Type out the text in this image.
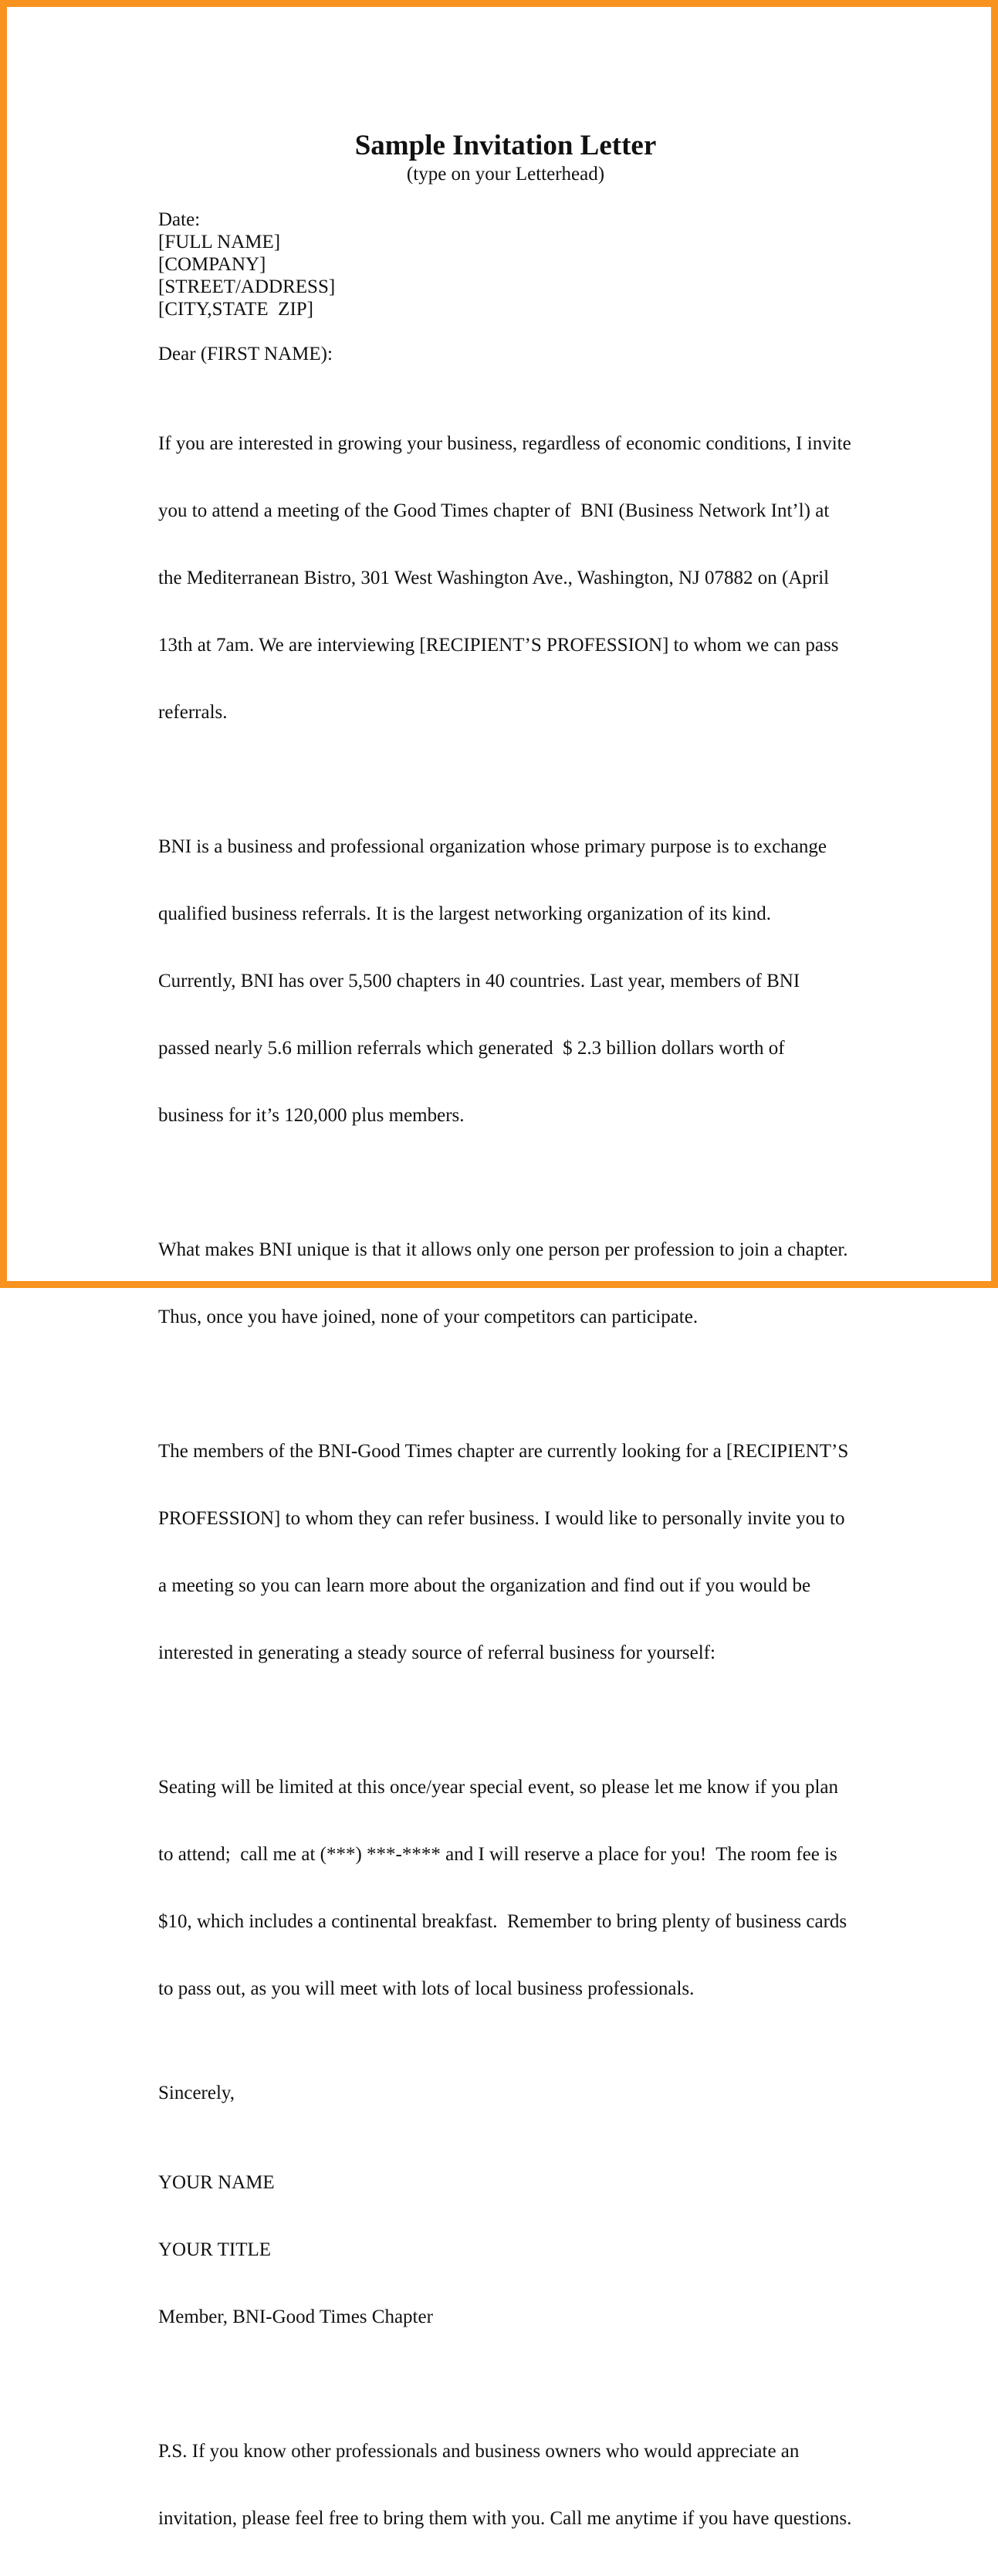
Sample Invitation Letter
(type on your Letterhead)
Date:
[FULL NAME]
[COMPANY]
[STREET/ADDRESS]
[CITY,STATE  ZIP]
Dear (FIRST NAME):

If you are interested in growing your business, regardless of economic conditions, I invite

you to attend a meeting of the Good Times chapter of  BNI (Business Network Int’l) at

the Mediterranean Bistro, 301 West Washington Ave., Washington, NJ 07882 on (April

13th at 7am. We are interviewing [RECIPIENT’S PROFESSION] to whom we can pass

referrals.

BNI is a business and professional organization whose primary purpose is to exchange

qualified business referrals. It is the largest networking organization of its kind.

Currently, BNI has over 5,500 chapters in 40 countries. Last year, members of BNI

passed nearly 5.6 million referrals which generated  $ 2.3 billion dollars worth of

business for it’s 120,000 plus members.

What makes BNI unique is that it allows only one person per profession to join a chapter.

Thus, once you have joined, none of your competitors can participate.

The members of the BNI-Good Times chapter are currently looking for a [RECIPIENT’S

PROFESSION] to whom they can refer business. I would like to personally invite you to

a meeting so you can learn more about the organization and find out if you would be

interested in generating a steady source of referral business for yourself:

Seating will be limited at this once/year special event, so please let me know if you plan

to attend;  call me at (***) ***-**** and I will reserve a place for you!  The room fee is

$10, which includes a continental breakfast.  Remember to bring plenty of business cards

to pass out, as you will meet with lots of local business professionals.

Sincerely,

YOUR NAME

YOUR TITLE

Member, BNI-Good Times Chapter

P.S. If you know other professionals and business owners who would appreciate an

invitation, please feel free to bring them with you. Call me anytime if you have questions.
